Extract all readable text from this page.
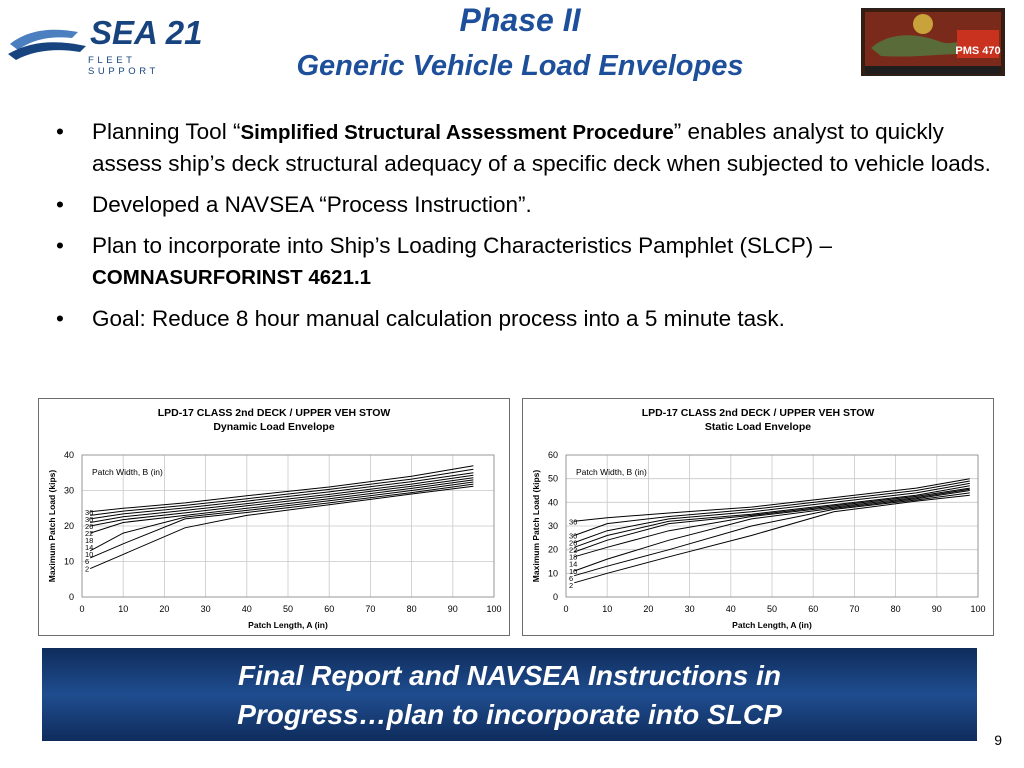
SEA 21
FLEET SUPPORT
Phase II
Generic Vehicle Load Envelopes	PMS 470
• Planning Tool “Simplified Structural Assessment Procedure” enables analyst to quickly assess ship’s deck structural adequacy of a specific deck when subjected to vehicle loads.
• Developed a NAVSEA “Process Instruction”.
• Plan to incorporate into Ship’s Loading Characteristics Pamphlet (SLCP) –
COMNASURFORINST 4621.1
• Goal: Reduce 8 hour manual calculation process into a 5 minute task.
LPD-17 CLASS 2nd DECK / UPPER VEH STOW
Dynamic Load Envelope
0	10	20	30	40	50	60	70	80	90	100
0
10
20
30
40
Patch Length, A (in)
Maximum Patch Load (kips)	Patch Width, B (in)
36
30
26
22
18
14
10
6
2
LPD-17 CLASS 2nd DECK / UPPER VEH STOW
Static Load Envelope
0	10	20	30	40	50	60	70	80	90	100
0
10
20
30
40
50
60
Patch Length, A (in)
Maximum Patch Load (kips)	Patch Width, B (in)
36
30
26
22
18
14
10
6
2
Final Report and NAVSEA Instructions in
Progress…plan to incorporate into SLCP
9
